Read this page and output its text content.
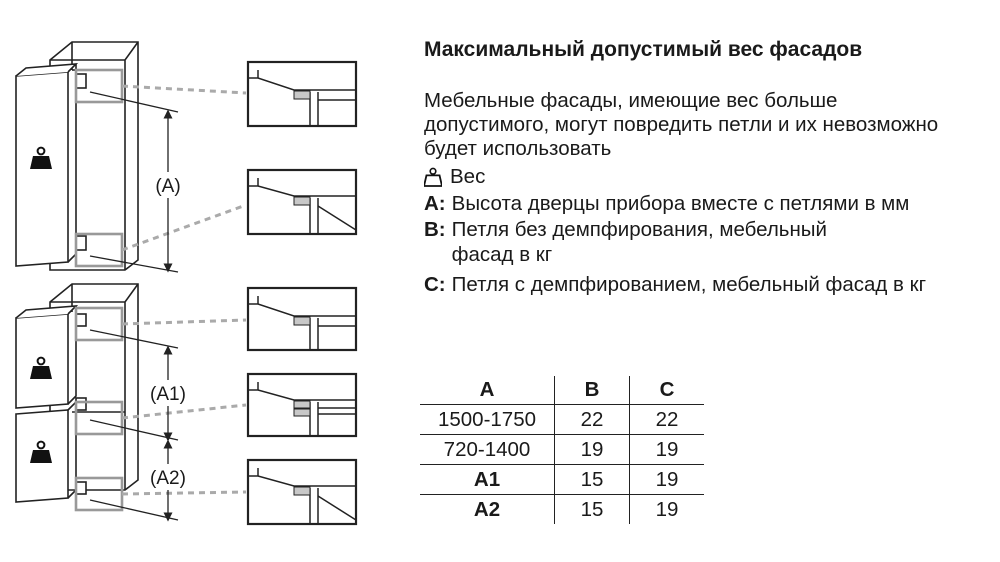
(A)
(A1)
(A2)
Максимальный допустимый вес фасадов
Мебельные фасады, имеющие вес больше допустимого, могут повредить петли и их невозможно будет использовать
Вес
A: Высота дверцы прибора вместе с петлями в мм
B: Петля без демпфирования, мебельный фасад в кг
C: Петля с демпфированием, мебельный фасад в кг
A	B	C
1500-1750	22	22
720-1400	19	19
A1	15	19
A2	15	19
